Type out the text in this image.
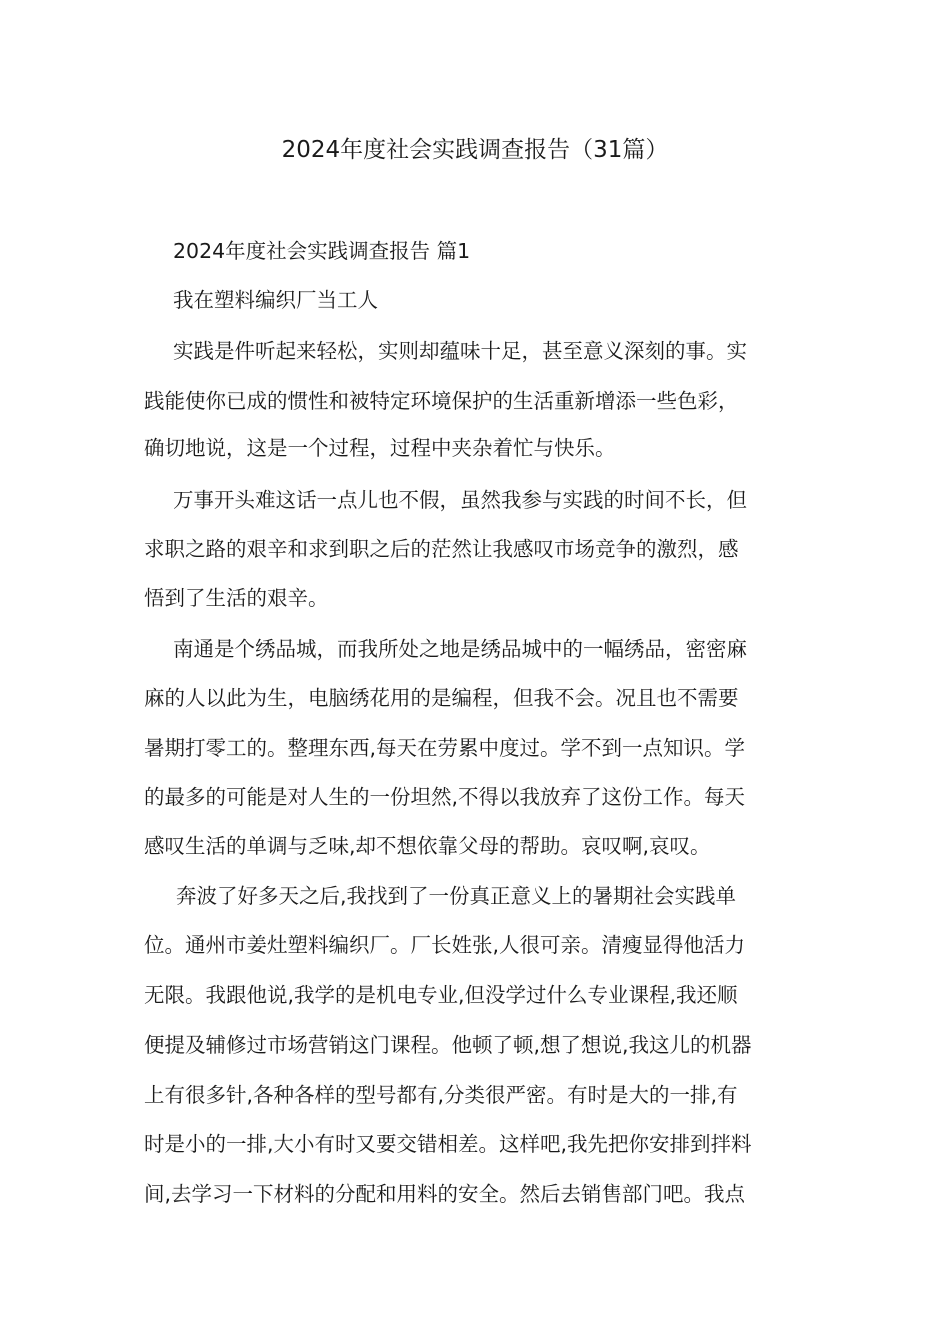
2024年度社会实践调查报告（31篇）
2024年度社会实践调查报告 篇1
我在塑料编织厂当工人
实践是件听起来轻松，实则却蕴味十足，甚至意义深刻的事。实
践能使你已成的惯性和被特定环境保护的生活重新增添一些色彩，
确切地说，这是一个过程，过程中夹杂着忙与快乐。
万事开头难这话一点儿也不假，虽然我参与实践的时间不长，但
求职之路的艰辛和求到职之后的茫然让我感叹市场竞争的激烈，感
悟到了生活的艰辛。
南通是个绣品城，而我所处之地是绣品城中的一幅绣品，密密麻
麻的人以此为生，电脑绣花用的是编程，但我不会。况且也不需要
暑期打零工的。整理东西,每天在劳累中度过。学不到一点知识。学
的最多的可能是对人生的一份坦然,不得以我放弃了这份工作。每天
感叹生活的单调与乏味,却不想依靠父母的帮助。哀叹啊,哀叹。
奔波了好多天之后,我找到了一份真正意义上的暑期社会实践单
位。通州市姜灶塑料编织厂。厂长姓张,人很可亲。清瘦显得他活力
无限。我跟他说,我学的是机电专业,但没学过什么专业课程,我还顺
便提及辅修过市场营销这门课程。他顿了顿,想了想说,我这儿的机器
上有很多针,各种各样的型号都有,分类很严密。有时是大的一排,有
时是小的一排,大小有时又要交错相差。这样吧,我先把你安排到拌料
间,去学习一下材料的分配和用料的安全。然后去销售部门吧。我点
